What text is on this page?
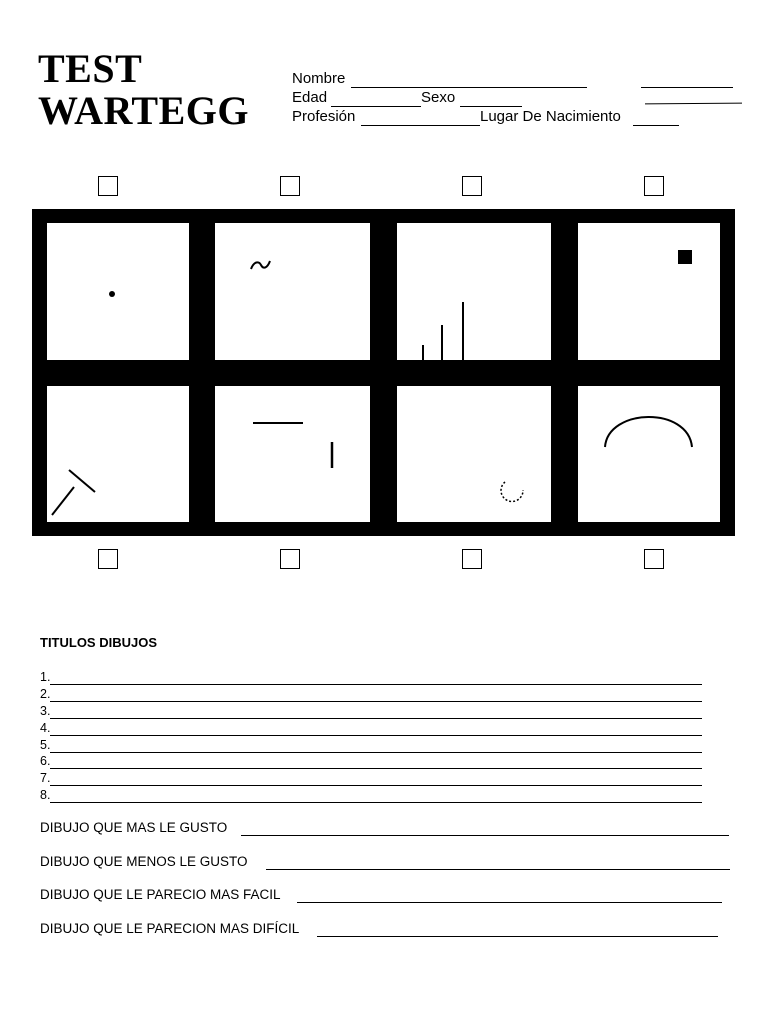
TEST
WARTEGG
Nombre
Edad	Sexo
Profesión	Lugar De Nacimiento
TITULOS DIBUJOS
1.
2.
3.
4.
5.
6.
7.
8.
DIBUJO QUE MAS LE GUSTO
DIBUJO QUE MENOS LE GUSTO
DIBUJO QUE LE PARECIO MAS FACIL
DIBUJO QUE LE PARECION MAS DIFÍCIL
